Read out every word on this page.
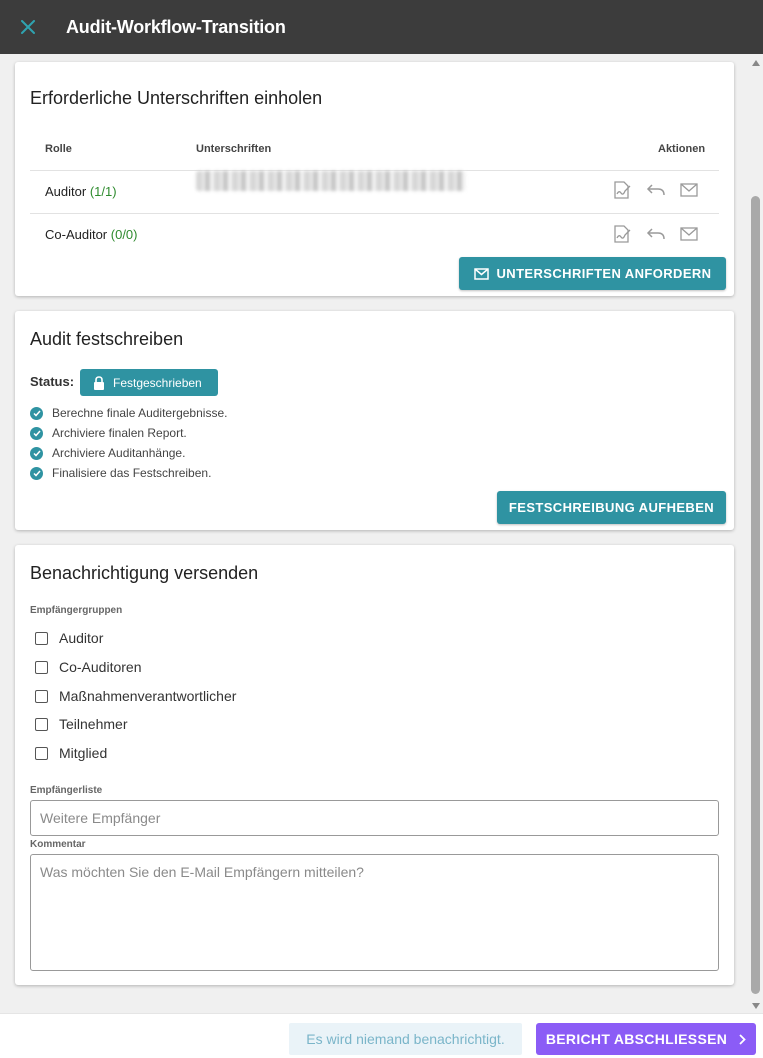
Audit-Workflow-Transition
Erforderliche Unterschriften einholen
Rolle	Unterschriften	Aktionen
Auditor (1/1)
Co-Auditor (0/0)
UNTERSCHRIFTEN ANFORDERN
Audit festschreiben
Status:	Festgeschrieben
Berechne finale Auditergebnisse.
Archiviere finalen Report.
Archiviere Auditanhänge.
Finalisiere das Festschreiben.
FESTSCHREIBUNG AUFHEBEN
Benachrichtigung versenden
Empfängergruppen
Auditor
Co-Auditoren
Maßnahmenverantwortlicher
Teilnehmer
Mitglied
Empfängerliste
Weitere Empfänger
Kommentar
Was möchten Sie den E-Mail Empfängern mitteilen?
Es wird niemand benachrichtigt.	BERICHT ABSCHLIESSEN
